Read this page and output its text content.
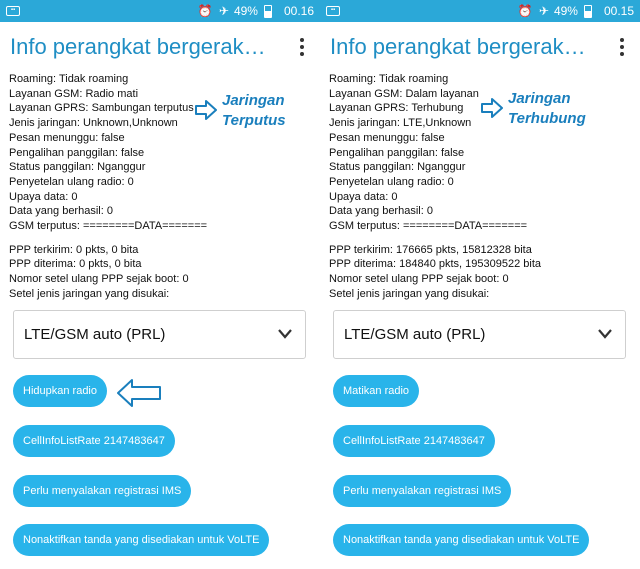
▪▪	⏰ ✈ 49% 00.16
Info perangkat bergerak…
Roaming: Tidak roaming
Layanan GSM: Radio mati
Layanan GPRS: Sambungan terputus
Jenis jaringan: Unknown,Unknown
Pesan menunggu: false
Pengalihan panggilan: false
Status panggilan: Nganggur
Penyetelan ulang radio: 0
Upaya data: 0
Data yang berhasil: 0
GSM terputus: ========DATA=======
PPP terkirim: 0 pkts, 0 bita
PPP diterima: 0 pkts, 0 bita
Nomor setel ulang PPP sejak boot: 0
Setel jenis jaringan yang disukai:
Jaringan
Terputus
LTE/GSM auto (PRL)
Hidupkan radio
CellInfoListRate 2147483647
Perlu menyalakan registrasi IMS
Nonaktifkan tanda yang disediakan untuk VoLTE
▪▪	⏰ ✈ 49% 00.15
Info perangkat bergerak…
Roaming: Tidak roaming
Layanan GSM: Dalam layanan
Layanan GPRS: Terhubung
Jenis jaringan: LTE,Unknown
Pesan menunggu: false
Pengalihan panggilan: false
Status panggilan: Nganggur
Penyetelan ulang radio: 0
Upaya data: 0
Data yang berhasil: 0
GSM terputus: ========DATA=======
PPP terkirim: 176665 pkts, 15812328 bita
PPP diterima: 184840 pkts, 195309522 bita
Nomor setel ulang PPP sejak boot: 0
Setel jenis jaringan yang disukai:
Jaringan
Terhubung
LTE/GSM auto (PRL)
Matikan radio
CellInfoListRate 2147483647
Perlu menyalakan registrasi IMS
Nonaktifkan tanda yang disediakan untuk VoLTE
